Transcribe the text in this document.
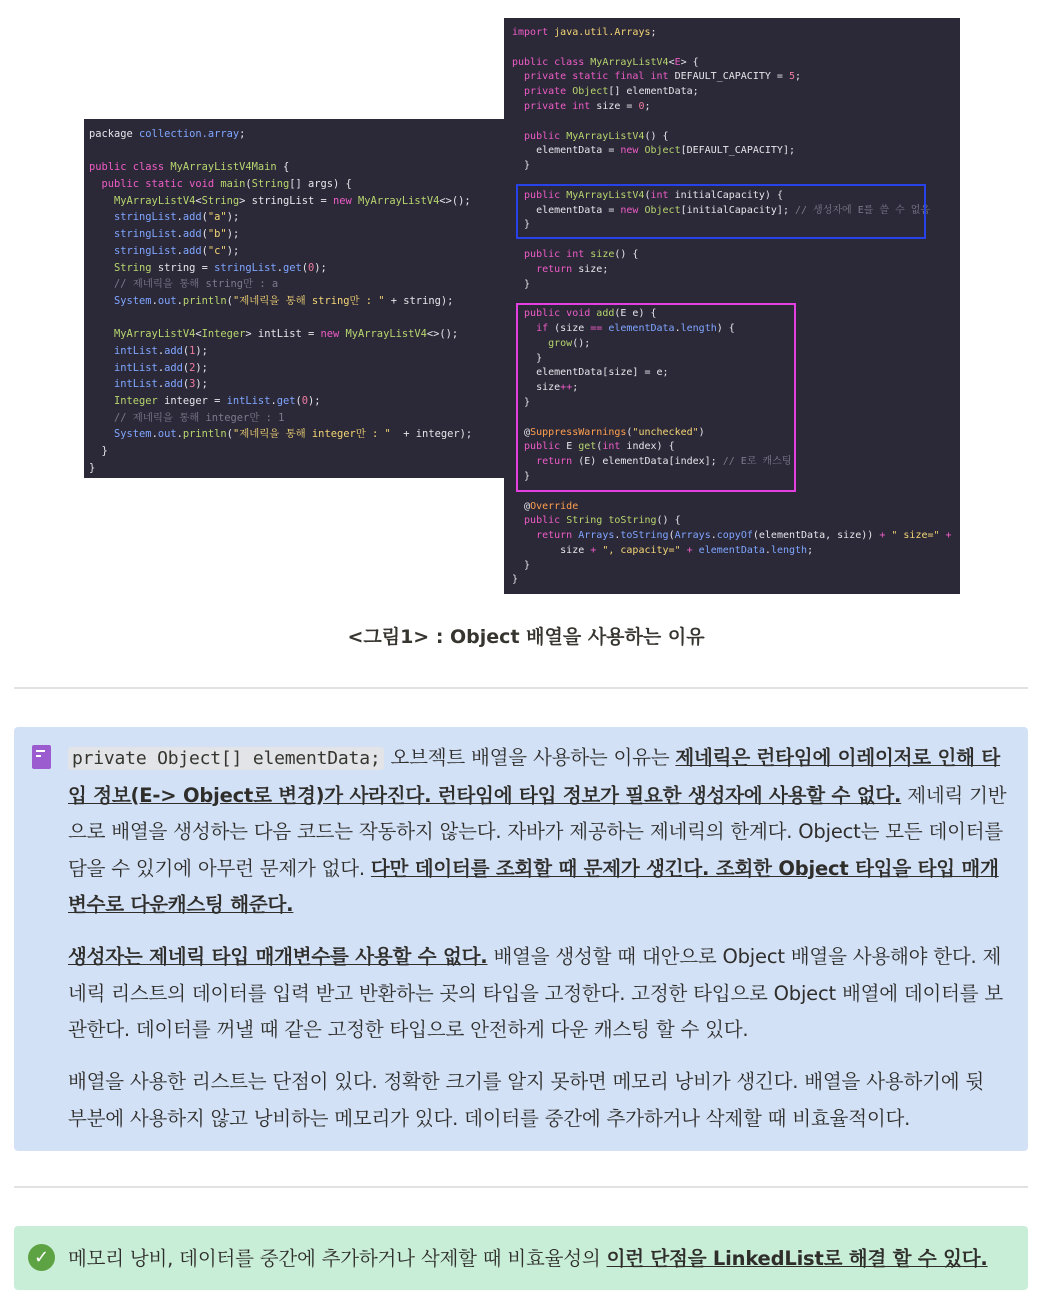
package collection.array;
public class MyArrayListV4Main {
public static void main(String[] args) {
MyArrayListV4<String> stringList = new MyArrayListV4<>();
stringList.add("a");
stringList.add("b");
stringList.add("c");
String string = stringList.get(0);
// 제네릭을 통해 string만 : a
System.out.println("제네릭을 통해 string만 : " + string);
MyArrayListV4<Integer> intList = new MyArrayListV4<>();
intList.add(1);
intList.add(2);
intList.add(3);
Integer integer = intList.get(0);
// 제네릭을 통해 integer만 : 1
System.out.println("제네릭을 통해 integer만 : "  + integer);
}
}
import java.util.Arrays;
public class MyArrayListV4<E> {
private static final int DEFAULT_CAPACITY = 5;
private Object[] elementData;
private int size = 0;
public MyArrayListV4() {
elementData = new Object[DEFAULT_CAPACITY];
}
public MyArrayListV4(int initialCapacity) {
elementData = new Object[initialCapacity]; // 생성자에 E를 쓸 수 없음
}
public int size() {
return size;
}
public void add(E e) {
if (size == elementData.length) {
grow();
}
elementData[size] = e;
size++;
}
@SuppressWarnings("unchecked")
public E get(int index) {
return (E) elementData[index]; // E로 캐스팅
}
@Override
public String toString() {
return Arrays.toString(Arrays.copyOf(elementData, size)) + " size=" +
size + ", capacity=" + elementData.length;
}
}
<그림1> : Object 배열을 사용하는 이유
private Object[] elementData; 오브젝트 배열을 사용하는 이유는 제네릭은 런타임에 이레이저로 인해 타입 정보(E-> Object로 변경)가 사라진다. 런타임에 타입 정보가 필요한 생성자에 사용할 수 없다. 제네릭 기반으로 배열을 생성하는 다음 코드는 작동하지 않는다. 자바가 제공하는 제네릭의 한계다. Object는 모든 데이터를 담을 수 있기에 아무런 문제가 없다. 다만 데이터를 조회할 때 문제가 생긴다. 조회한 Object 타입을 타입 매개변수로 다운캐스팅 해준다.
생성자는 제네릭 타입 매개변수를 사용할 수 없다. 배열을 생성할 때 대안으로 Object 배열을 사용해야 한다. 제네릭 리스트의 데이터를 입력 받고 반환하는 곳의 타입을 고정한다. 고정한 타입으로 Object 배열에 데이터를 보관한다. 데이터를 꺼낼 때 같은 고정한 타입으로 안전하게 다운 캐스팅 할 수 있다.
배열을 사용한 리스트는 단점이 있다. 정확한 크기를 알지 못하면 메모리 낭비가 생긴다. 배열을 사용하기에 뒷 부분에 사용하지 않고 낭비하는 메모리가 있다. 데이터를 중간에 추가하거나 삭제할 때 비효율적이다.
✓ 메모리 낭비, 데이터를 중간에 추가하거나 삭제할 때 비효율성의 이런 단점을 LinkedList로 해결 할 수 있다.
